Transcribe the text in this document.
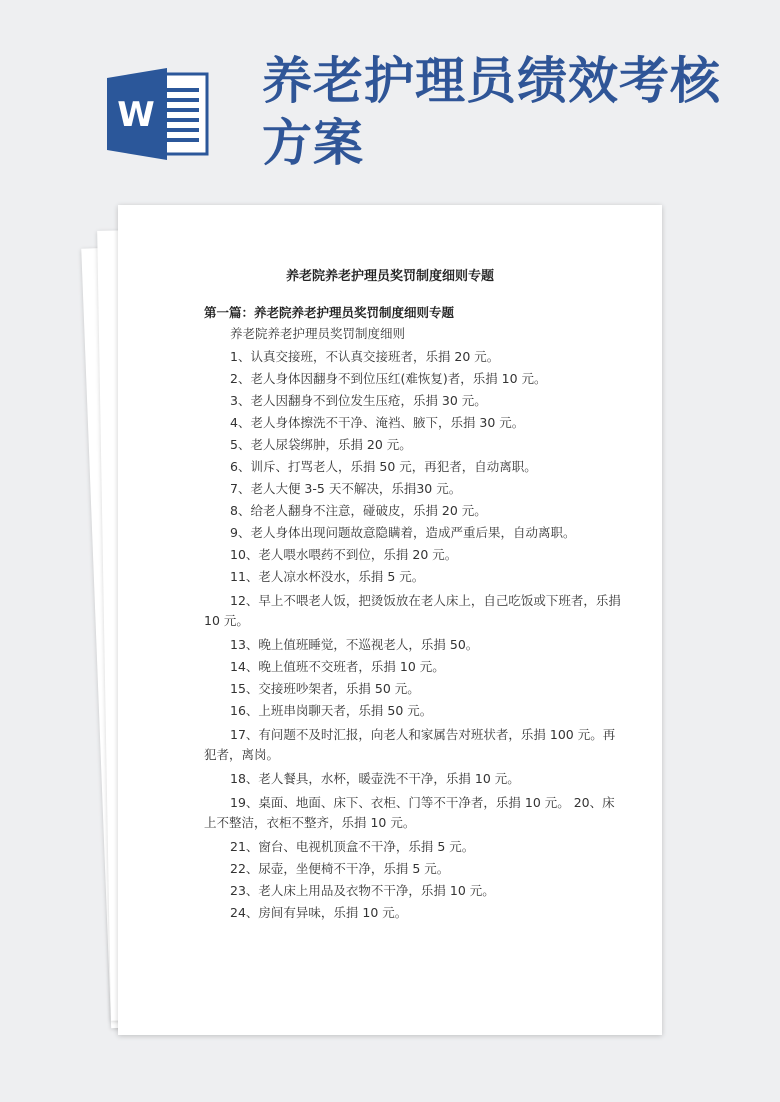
W
养老护理员绩效考核方案
养老院养老护理员奖罚制度细则专题
第一篇：养老院养老护理员奖罚制度细则专题
养老院养老护理员奖罚制度细则
1、认真交接班，不认真交接班者，乐捐 20 元。
2、老人身体因翻身不到位压红(难恢复)者，乐捐 10 元。
3、老人因翻身不到位发生压疮，乐捐 30 元。
4、老人身体擦洗不干净、淹裆、腋下，乐捐 30 元。
5、老人尿袋绑肿，乐捐 20 元。
6、训斥、打骂老人，乐捐 50 元，再犯者，自动离职。
7、老人大便 3-5 天不解决，乐捐30 元。
8、给老人翻身不注意，碰破皮，乐捐 20 元。
9、老人身体出现问题故意隐瞒着，造成严重后果，自动离职。
10、老人喂水喂药不到位，乐捐 20 元。
11、老人凉水杯没水，乐捐 5 元。
12、早上不喂老人饭，把烫饭放在老人床上，自己吃饭或下班者，乐捐 10 元。
13、晚上值班睡觉，不巡视老人，乐捐 50。
14、晚上值班不交班者，乐捐 10 元。
15、交接班吵架者，乐捐 50 元。
16、上班串岗聊天者，乐捐 50 元。
17、有问题不及时汇报，向老人和家属告对班状者，乐捐 100 元。再犯者，离岗。
18、老人餐具，水杯，暖壶洗不干净，乐捐 10 元。
19、桌面、地面、床下、衣柜、门等不干净者，乐捐 10 元。 20、床上不整洁，衣柜不整齐，乐捐 10 元。
21、窗台、电视机顶盒不干净，乐捐 5 元。
22、尿壶，坐便椅不干净，乐捐 5 元。
23、老人床上用品及衣物不干净，乐捐 10 元。
24、房间有异味，乐捐 10 元。
